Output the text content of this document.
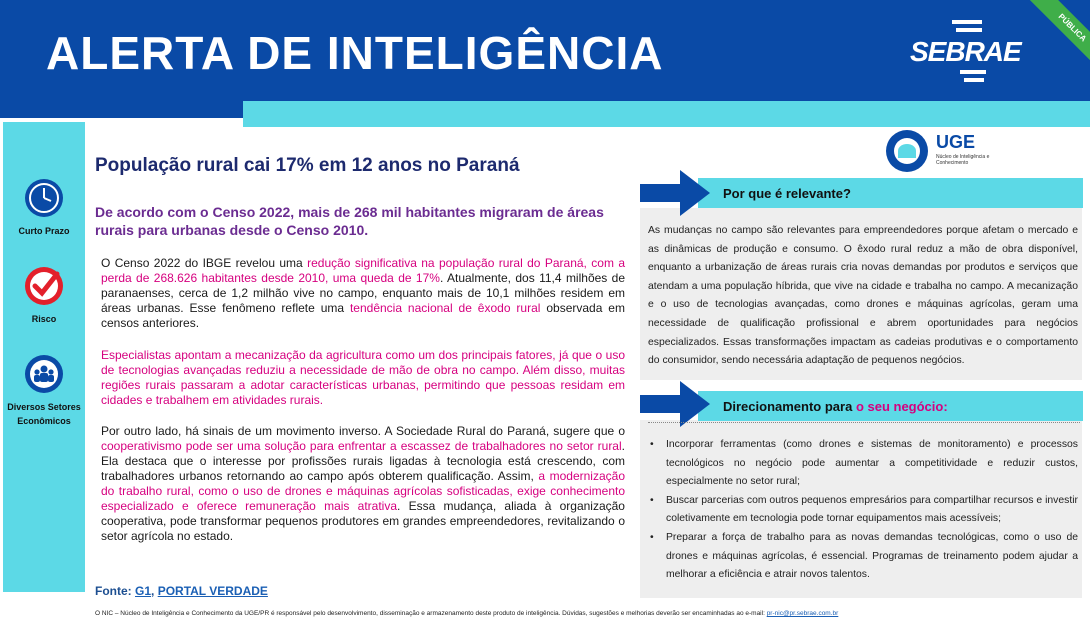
ALERTA DE INTELIGÊNCIA	SEBRAE
PÚBLICA
Curto Prazo
Risco
Diversos Setores Econômicos
População rural cai 17% em 12 anos no Paraná
De acordo com o Censo 2022, mais de 268 mil habitantes migraram de áreas rurais para urbanas desde o Censo 2010.

O Censo 2022 do IBGE revelou uma redução significativa na população rural do Paraná, com a perda de 268.626 habitantes desde 2010, uma queda de 17%. Atualmente, dos 11,4 milhões de paranaenses, cerca de 1,2 milhão vive no campo, enquanto mais de 10,1 milhões residem em áreas urbanas. Esse fenômeno reflete uma tendência nacional de êxodo rural observada em censos anteriores.

Especialistas apontam a mecanização da agricultura como um dos principais fatores, já que o uso de tecnologias avançadas reduziu a necessidade de mão de obra no campo. Além disso, muitas regiões rurais passaram a adotar características urbanas, permitindo que pessoas residam em cidades e trabalhem em atividades rurais.

Por outro lado, há sinais de um movimento inverso. A Sociedade Rural do Paraná, sugere que o cooperativismo pode ser uma solução para enfrentar a escassez de trabalhadores no setor rural. Ela destaca que o interesse por profissões rurais ligadas à tecnologia está crescendo, com trabalhadores urbanos retornando ao campo após obterem qualificação. Assim, a modernização do trabalho rural, como o uso de drones e máquinas agrícolas sofisticadas, exige conhecimento especializado e oferece remuneração mais atrativa. Essa mudança, aliada à organização cooperativa, pode transformar pequenos produtores em grandes empreendedores, revitalizando o setor agrícola no estado.

Fonte: G1, PORTAL VERDADE
UGE
Núcleo de Inteligência e Conhecimento
Por que é relevante?
As mudanças no campo são relevantes para empreendedores porque afetam o mercado e as dinâmicas de produção e consumo. O êxodo rural reduz a mão de obra disponível, enquanto a urbanização de áreas rurais cria novas demandas por produtos e serviços que atendam a uma população híbrida, que vive na cidade e trabalha no campo. A mecanização e o uso de tecnologias avançadas, como drones e máquinas agrícolas, geram uma necessidade de qualificação profissional e abrem oportunidades para negócios especializados. Essas transformações impactam as cadeias produtivas e o comportamento do consumidor, sendo necessária adaptação de pequenos negócios.
Direcionamento para o seu negócio:
• Incorporar ferramentas (como drones e sistemas de monitoramento) e processos tecnológicos no negócio pode aumentar a competitividade e reduzir custos, especialmente no setor rural;
• Buscar parcerias com outros pequenos empresários para compartilhar recursos e investir coletivamente em tecnologia pode tornar equipamentos mais acessíveis;
• Preparar a força de trabalho para as novas demandas tecnológicas, como o uso de drones e máquinas agrícolas, é essencial. Programas de treinamento podem ajudar a melhorar a eficiência e atrair novos talentos.
O NIC – Núcleo de Inteligência e Conhecimento da UGE/PR é responsável pelo desenvolvimento, disseminação e armazenamento deste produto de inteligência. Dúvidas, sugestões e melhorias deverão ser encaminhadas ao e-mail: pr-nic@pr.sebrae.com.br
